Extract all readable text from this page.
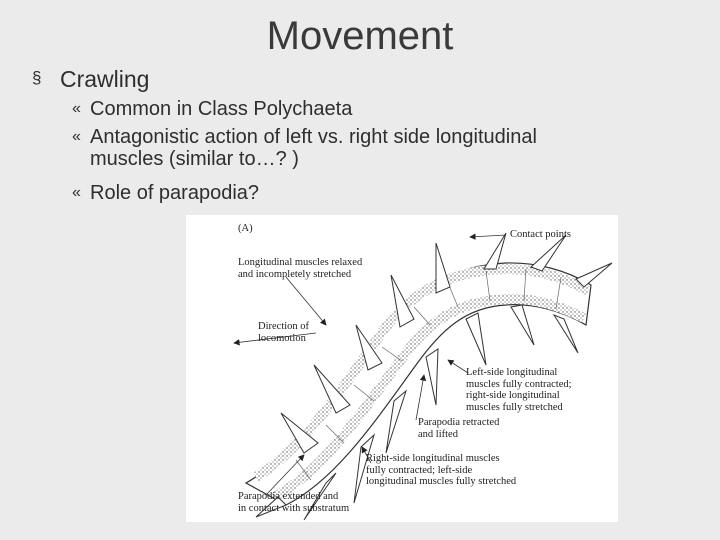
Movement
§ Crawling
« Common in Class Polychaeta
« Antagonistic action of left vs. right side longitudinal
muscles (similar to…? )
« Role of parapodia?
(A)
Contact points
Longitudinal muscles relaxed
and incompletely stretched
Direction of
locomotion
Left-side longitudinal
muscles fully contracted;
right-side longitudinal
muscles fully stretched
Parapodia retracted
and lifted
Right-side longitudinal muscles
fully contracted; left-side
longitudinal muscles fully stretched
Parapodia extended and
in contact with substratum
